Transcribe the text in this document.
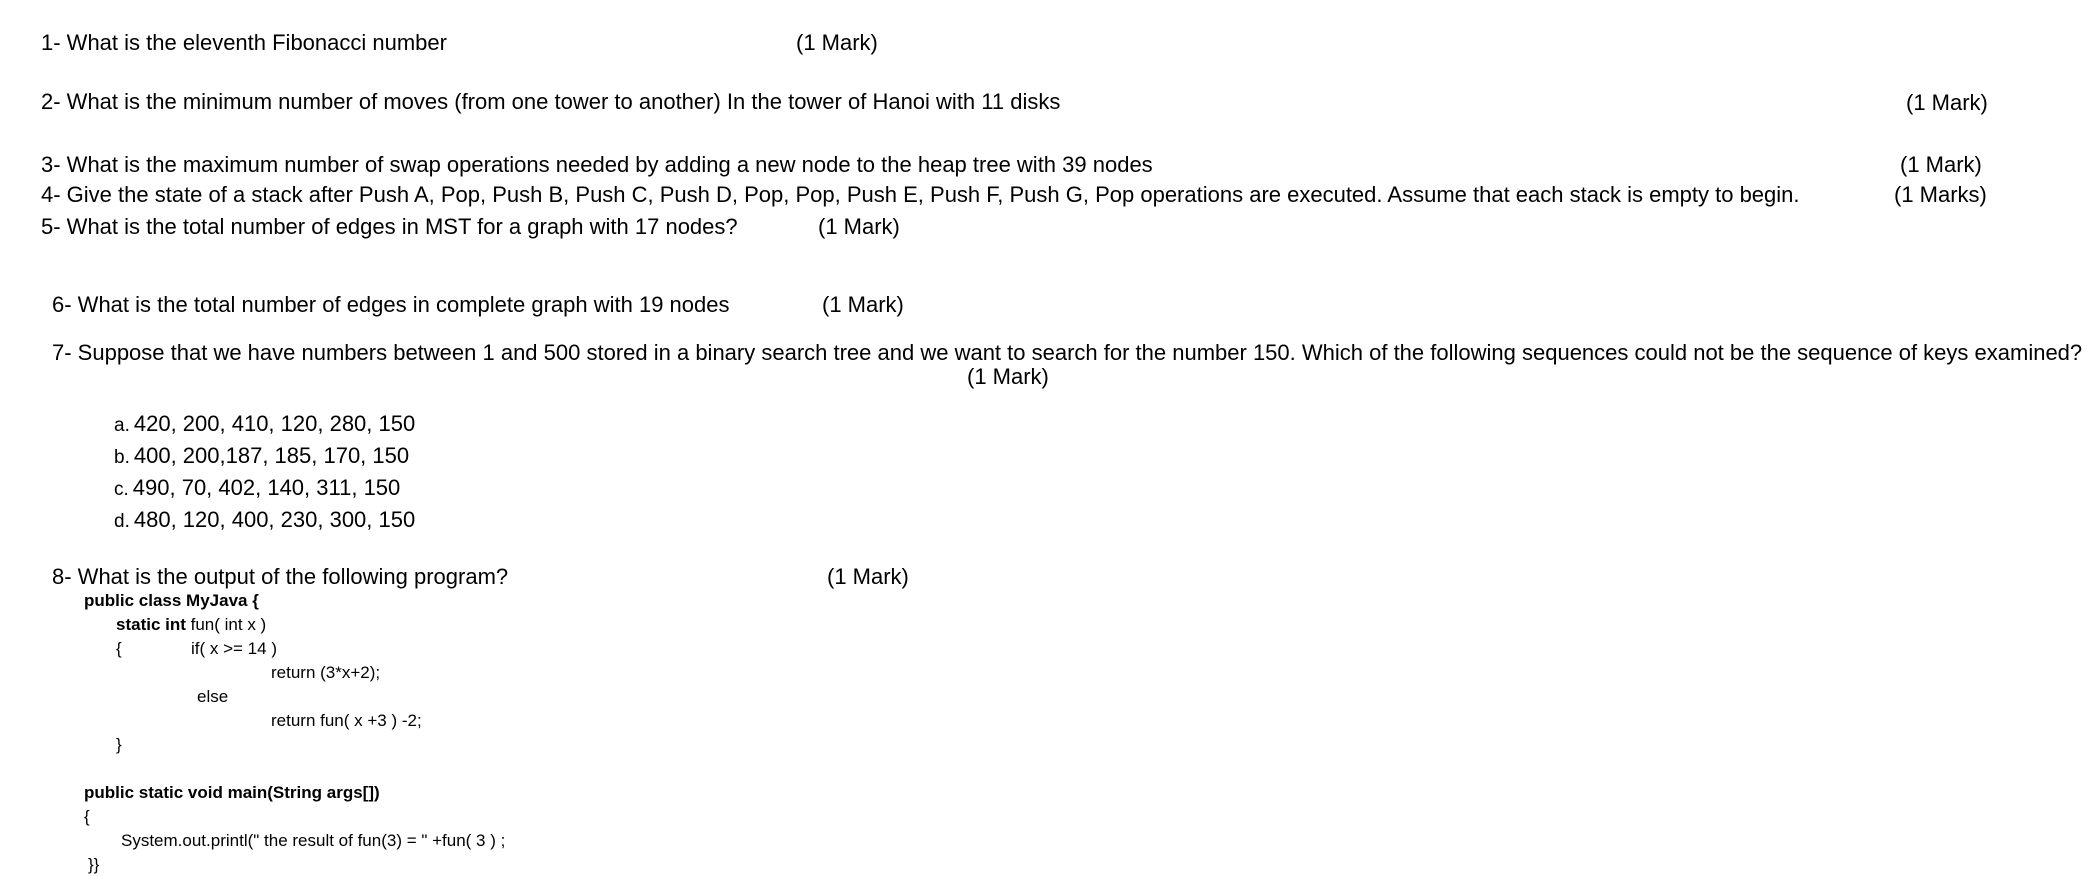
1- What is the eleventh Fibonacci number	(1 Mark)
2- What is the minimum number of moves (from one tower to another) In the tower of Hanoi with 11 disks	(1 Mark)
3- What is the maximum number of swap operations needed by adding a new node to the heap tree with 39 nodes	(1 Mark)
4- Give the state of a stack after Push A, Pop, Push B, Push C, Push D, Pop, Pop, Push E, Push F, Push G, Pop operations are executed. Assume that each stack is empty to begin.	(1 Marks)
5- What is the total number of edges in MST for a graph with 17 nodes?	(1 Mark)
6- What is the total number of edges in complete graph with 19 nodes	(1 Mark)
7- Suppose that we have numbers between 1 and 500 stored in a binary search tree and we want to search for the number 150. Which of the following sequences could not be the sequence of keys examined?
(1 Mark)
a. 420, 200, 410, 120, 280, 150
b. 400, 200,187, 185, 170, 150
c. 490, 70, 402, 140, 311, 150
d. 480, 120, 400, 230, 300, 150
8- What is the output of the following program?	(1 Mark)
public class MyJava {
static int fun( int x )
{	if( x >= 14 )
return (3*x+2);
else
return fun( x +3 ) -2;
}
public static void main(String args[])
{
System.out.printl(" the result of fun(3) = " +fun( 3 ) ;
}}
